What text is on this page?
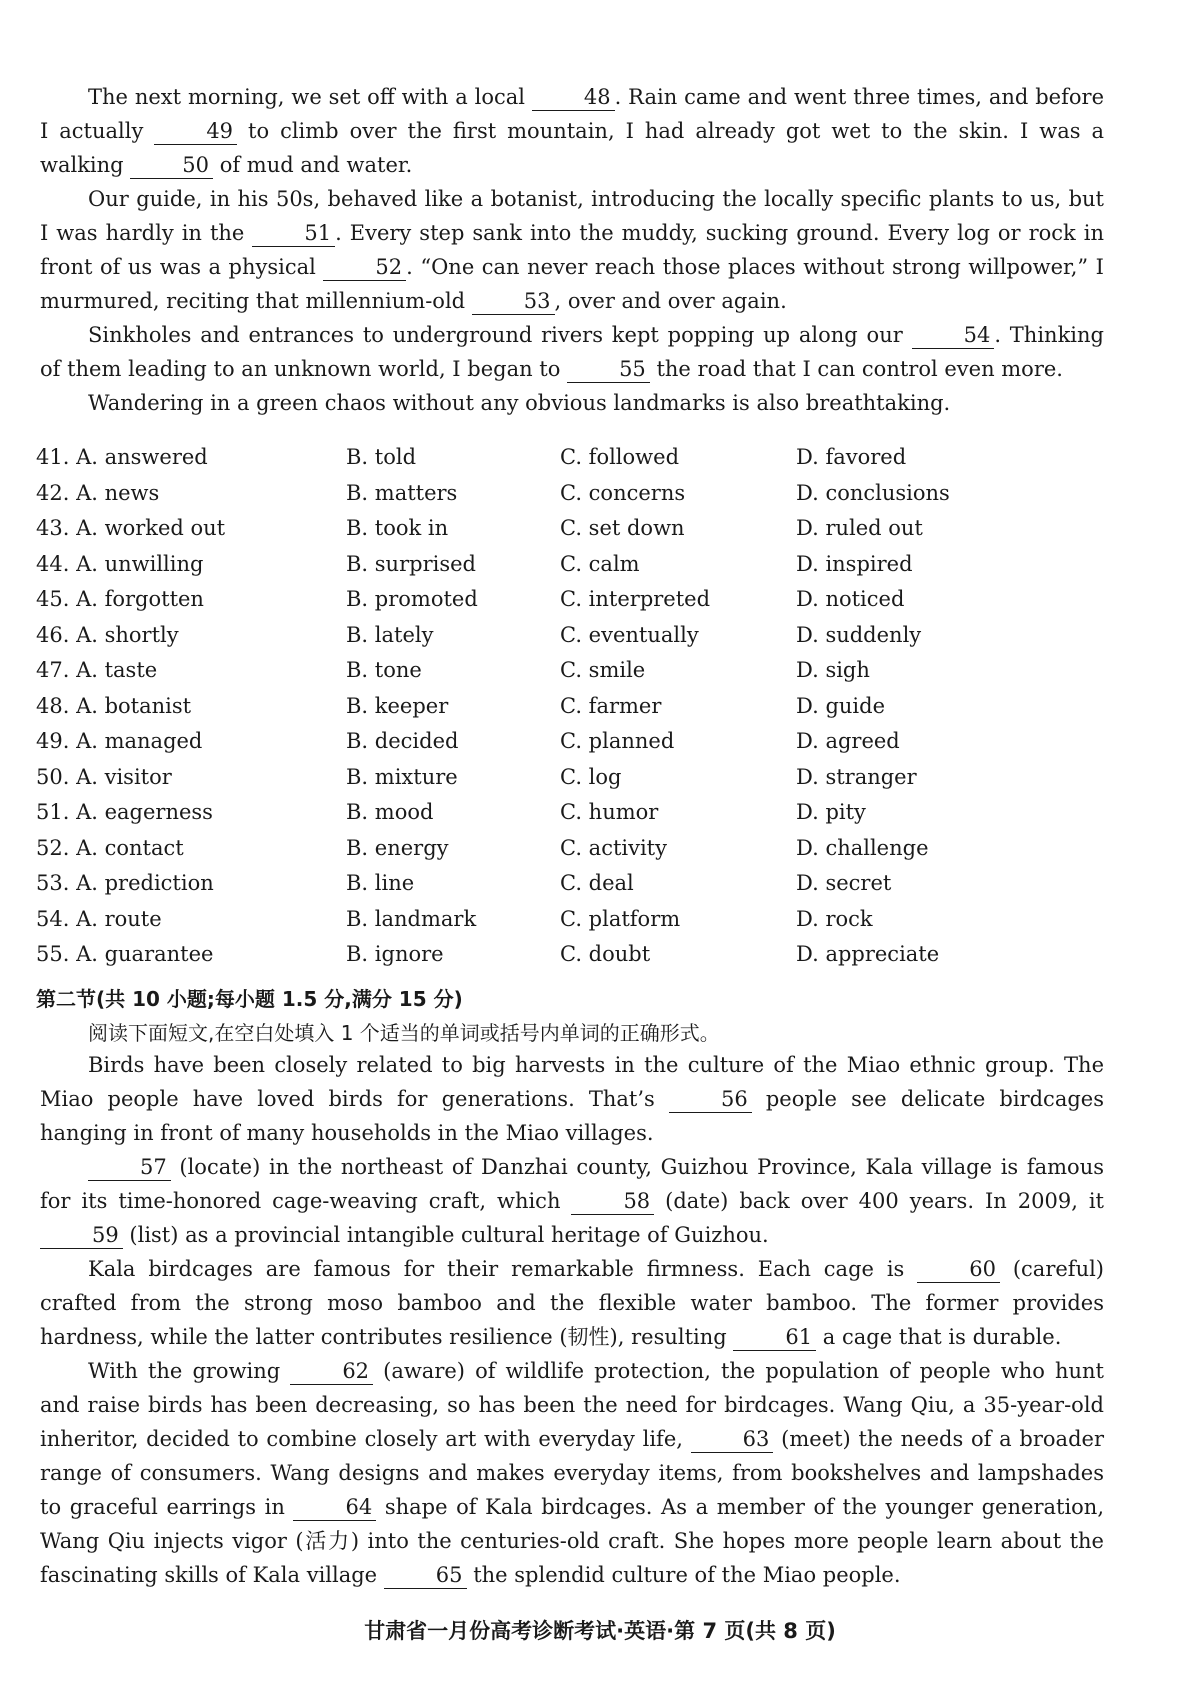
The next morning, we set off with a local 48 . Rain came and went three times, and before I actually 49 to climb over the first mountain, I had already got wet to the skin. I was a walking 50 of mud and water.

Our guide, in his 50s, behaved like a botanist, introducing the locally specific plants to us, but I was hardly in the 51 . Every step sank into the muddy, sucking ground. Every log or rock in front of us was a physical 52 . “One can never reach those places without strong willpower,” I murmured, reciting that millennium-old 53 , over and over again.

Sinkholes and entrances to underground rivers kept popping up along our 54 . Thinking of them leading to an unknown world, I began to 55 the road that I can control even more.

Wandering in a green chaos without any obvious landmarks is also breathtaking.

41. A. answered	B. told	C. followed	D. favored
42. A. news	B. matters	C. concerns	D. conclusions
43. A. worked out	B. took in	C. set down	D. ruled out
44. A. unwilling	B. surprised	C. calm	D. inspired
45. A. forgotten	B. promoted	C. interpreted	D. noticed
46. A. shortly	B. lately	C. eventually	D. suddenly
47. A. taste	B. tone	C. smile	D. sigh
48. A. botanist	B. keeper	C. farmer	D. guide
49. A. managed	B. decided	C. planned	D. agreed
50. A. visitor	B. mixture	C. log	D. stranger
51. A. eagerness	B. mood	C. humor	D. pity
52. A. contact	B. energy	C. activity	D. challenge
53. A. prediction	B. line	C. deal	D. secret
54. A. route	B. landmark	C. platform	D. rock
55. A. guarantee	B. ignore	C. doubt	D. appreciate
第二节(共 10 小题;每小题 1.5 分,满分 15 分)
阅读下面短文,在空白处填入 1 个适当的单词或括号内单词的正确形式。

Birds have been closely related to big harvests in the culture of the Miao ethnic group. The Miao people have loved birds for generations. That’s 56 people see delicate birdcages hanging in front of many households in the Miao villages.

57 (locate) in the northeast of Danzhai county, Guizhou Province, Kala village is famous for its time-honored cage-weaving craft, which 58 (date) back over 400 years. In 2009, it 59 (list) as a provincial intangible cultural heritage of Guizhou.

Kala birdcages are famous for their remarkable firmness. Each cage is 60 (careful) crafted from the strong moso bamboo and the flexible water bamboo. The former provides hardness, while the latter contributes resilience (韧性), resulting 61 a cage that is durable.

With the growing 62 (aware) of wildlife protection, the population of people who hunt and raise birds has been decreasing, so has been the need for birdcages. Wang Qiu, a 35-year-old inheritor, decided to combine closely art with everyday life, 63 (meet) the needs of a broader range of consumers. Wang designs and makes everyday items, from bookshelves and lampshades to graceful earrings in 64 shape of Kala birdcages. As a member of the younger generation, Wang Qiu injects vigor (活力) into the centuries-old craft. She hopes more people learn about the fascinating skills of Kala village 65 the splendid culture of the Miao people.

甘肃省一月份高考诊断考试·英语·第 7 页(共 8 页)
